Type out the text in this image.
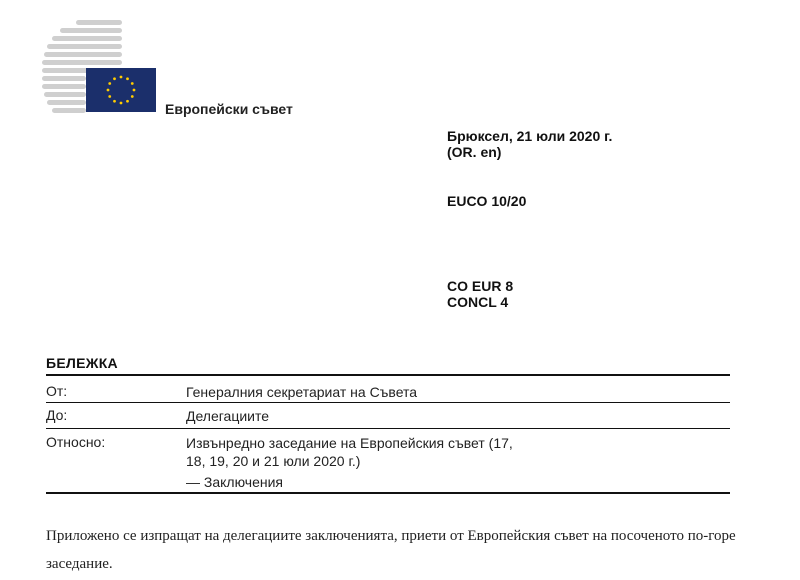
Европейски съвет
Брюксел, 21 юли 2020 г.
(OR. en)
EUCO 10/20
CO EUR 8
CONCL 4
БЕЛЕЖКА
От:	Генералния секретариат на Съвета
До:	Делегациите
Относно:	Извънредно заседание на Европейския съвет (17, 18, 19, 20 и 21 юли 2020 г.)
— Заключения
Приложено се изпращат на делегациите заключенията, приети от Европейския съвет на посоченото по-горе заседание.
